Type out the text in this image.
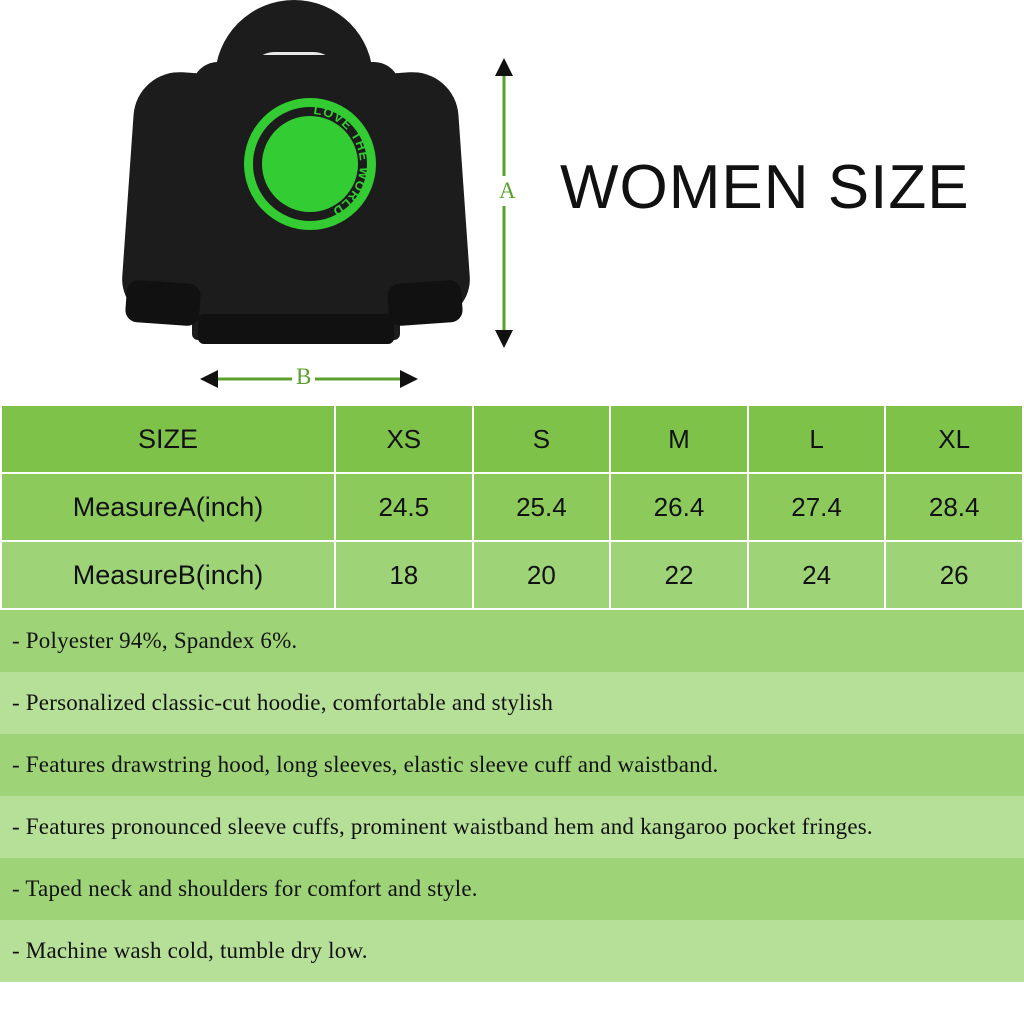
LOVE THE WORLD
A
B
WOMEN SIZE
SIZE	XS	S	M	L	XL
MeasureA(inch)	24.5	25.4	26.4	27.4	28.4
MeasureB(inch)	18	20	22	24	26
- Polyester 94%, Spandex 6%.
- Personalized classic-cut hoodie, comfortable and stylish
- Features drawstring hood, long sleeves, elastic sleeve cuff and waistband.
- Features pronounced sleeve cuffs, prominent waistband hem and kangaroo pocket fringes.
- Taped neck and shoulders for comfort and style.
- Machine wash cold, tumble dry low.
